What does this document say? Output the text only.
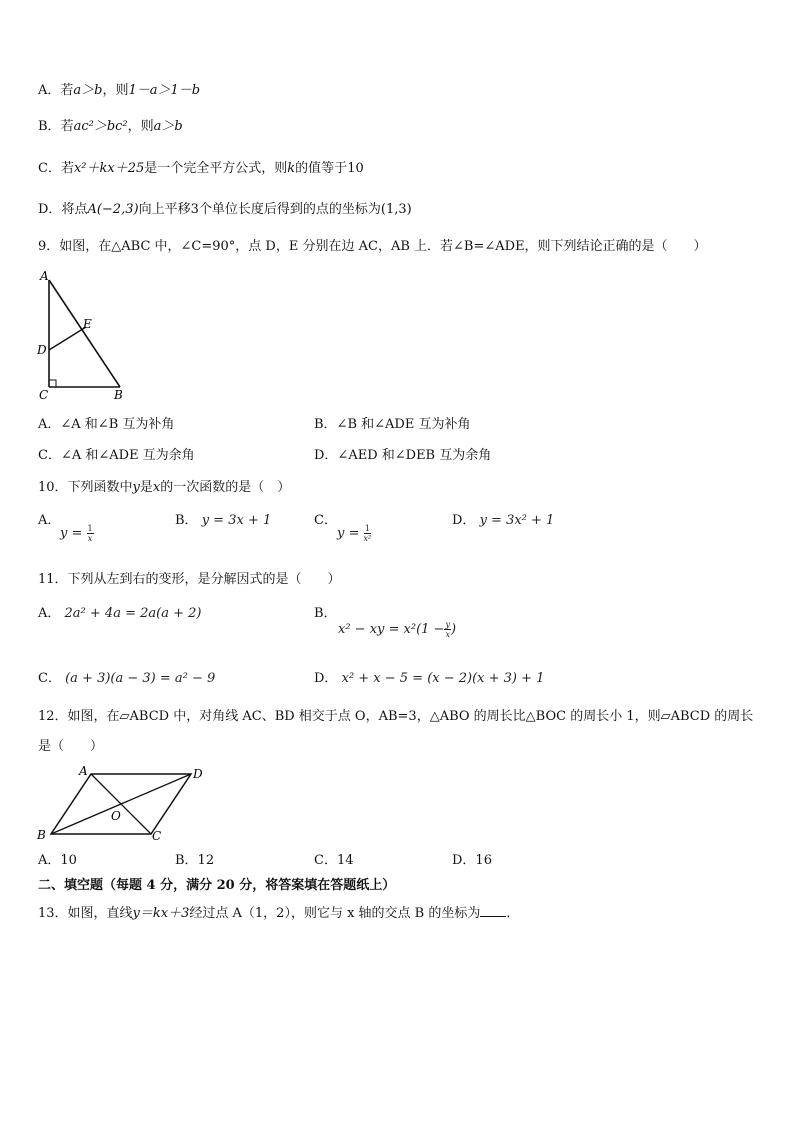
A．若a＞b，则1－a＞1－b
B．若ac²＞bc²，则a＞b
C．若x²＋kx＋25是一个完全平方公式，则k的值等于10
D．将点A(−2,3)向上平移3个单位长度后得到的点的坐标为(1,3)
9．如图，在△ABC 中，∠C=90°，点 D，E 分别在边 AC，AB 上．若∠B=∠ADE，则下列结论正确的是（　　）
A
E
D
C	B
A．∠A 和∠B 互为补角	B．∠B 和∠ADE 互为补角
C．∠A 和∠ADE 互为余角	D．∠AED 和∠DEB 互为余角
10．下列函数中y是x的一次函数的是（　）
A．
$y = \frac{1}{x}$
B． y = 3x + 1	C．
$y = \frac{1}{\text{x²}}$
D． y = 3x² + 1
11．下列从左到右的变形，是分解因式的是（　　）
A． 2a² + 4a = 2a(a + 2)	B．
x² − xy = $x^2(1 - \frac{y}{x})$
C． (a + 3)(a − 3) = a² − 9	D． x² + x − 5 = (x − 2)(x + 3) + 1
12．如图，在▱ABCD 中，对角线 AC、BD 相交于点 O，AB=3，△ABO 的周长比△BOC 的周长小 1，则▱ABCD 的周长
是（　　）
A	D
O
B	C
A．10	B．12	C．14	D．16
二、填空题（每题 4 分，满分 20 分，将答案填在答题纸上）
13．如图，直线y＝kx＋3经过点 A（1，2），则它与 x 轴的交点 B 的坐标为 ．
